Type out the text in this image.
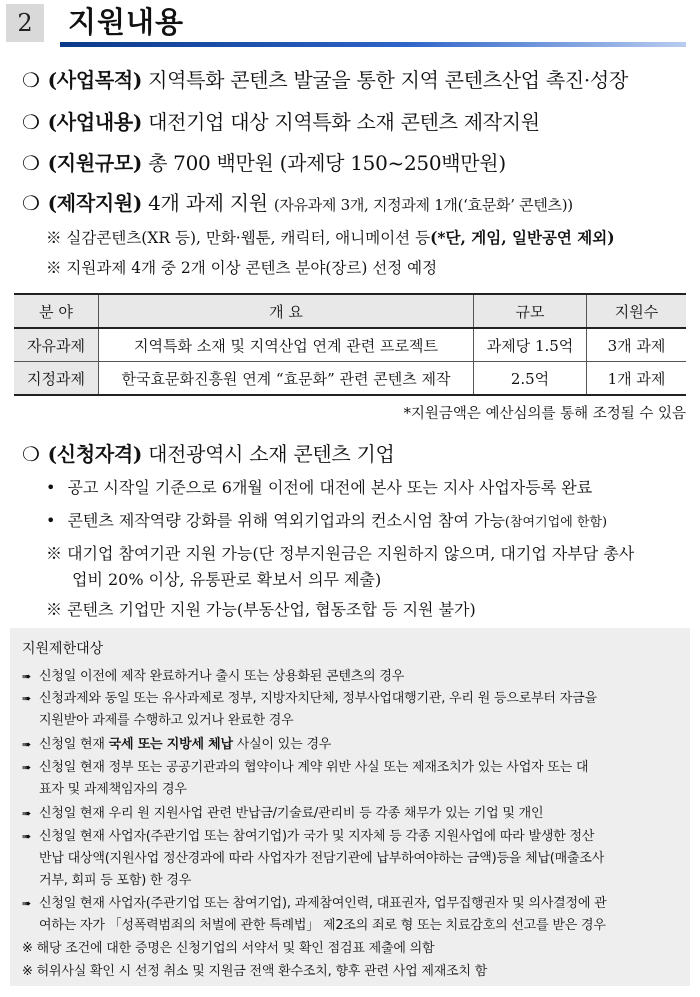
2	지원내용
❍ (사업목적) 지역특화 콘텐츠 발굴을 통한 지역 콘텐츠산업 촉진·성장
❍ (사업내용) 대전기업 대상 지역특화 소재 콘텐츠 제작지원
❍ (지원규모) 총 700 백만원 (과제당 150~250백만원)
❍ (제작지원) 4개 과제 지원 (자유과제 3개, 지정과제 1개(‘효문화’ 콘텐츠))
※ 실감콘텐츠(XR 등), 만화·웹툰, 캐릭터, 애니메이션 등(*단, 게임, 일반공연 제외)
※ 지원과제 4개 중 2개 이상 콘텐츠 분야(장르) 선정 예정
분 야	개 요	규모	지원수
자유과제	지역특화 소재 및 지역산업 연계 관련 프로젝트	과제당 1.5억	3개 과제
지정과제	한국효문화진흥원 연계 “효문화” 관련 콘텐츠 제작	2.5억	1개 과제
*지원금액은 예산심의를 통해 조정될 수 있음
❍ (신청자격) 대전광역시 소재 콘텐츠 기업
• 공고 시작일 기준으로 6개월 이전에 대전에 본사 또는 지사 사업자등록 완료
• 콘텐츠 제작역량 강화를 위해 역외기업과의 컨소시엄 참여 가능(참여기업에 한함)
※ 대기업 참여기관 지원 가능(단 정부지원금은 지원하지 않으며, 대기업 자부담 총사
업비 20% 이상, 유통판로 확보서 의무 제출)
※ 콘텐츠 기업만 지원 가능(부동산업, 협동조합 등 지원 불가)
지원제한대상
➠ 신청일 이전에 제작 완료하거나 출시 또는 상용화된 콘텐츠의 경우
➠ 신청과제와 동일 또는 유사과제로 정부, 지방자치단체, 정부사업대행기관, 우리 원 등으로부터 자금을
지원받아 과제를 수행하고 있거나 완료한 경우
➠ 신청일 현재 국세 또는 지방세 체납 사실이 있는 경우
➠ 신청일 현재 정부 또는 공공기관과의 협약이나 계약 위반 사실 또는 제재조치가 있는 사업자 또는 대
표자 및 과제책임자의 경우
➠ 신청일 현재 우리 원 지원사업 관련 반납금/기술료/관리비 등 각종 채무가 있는 기업 및 개인
➠ 신청일 현재 사업자(주관기업 또는 참여기업)가 국가 및 지자체 등 각종 지원사업에 따라 발생한 정산
반납 대상액(지원사업 정산경과에 따라 사업자가 전담기관에 납부하여야하는 금액)등을 체납(매출조사
거부, 회피 등 포함) 한 경우
➠ 신청일 현재 사업자(주관기업 또는 참여기업), 과제참여인력, 대표권자, 업무집행권자 및 의사결정에 관
여하는 자가 「성폭력범죄의 처벌에 관한 특례법」 제2조의 죄로 형 또는 치료감호의 선고를 받은 경우
※ 해당 조건에 대한 증명은 신청기업의 서약서 및 확인 점검표 제출에 의함
※ 허위사실 확인 시 선정 취소 및 지원금 전액 환수조치, 향후 관련 사업 제재조치 함
